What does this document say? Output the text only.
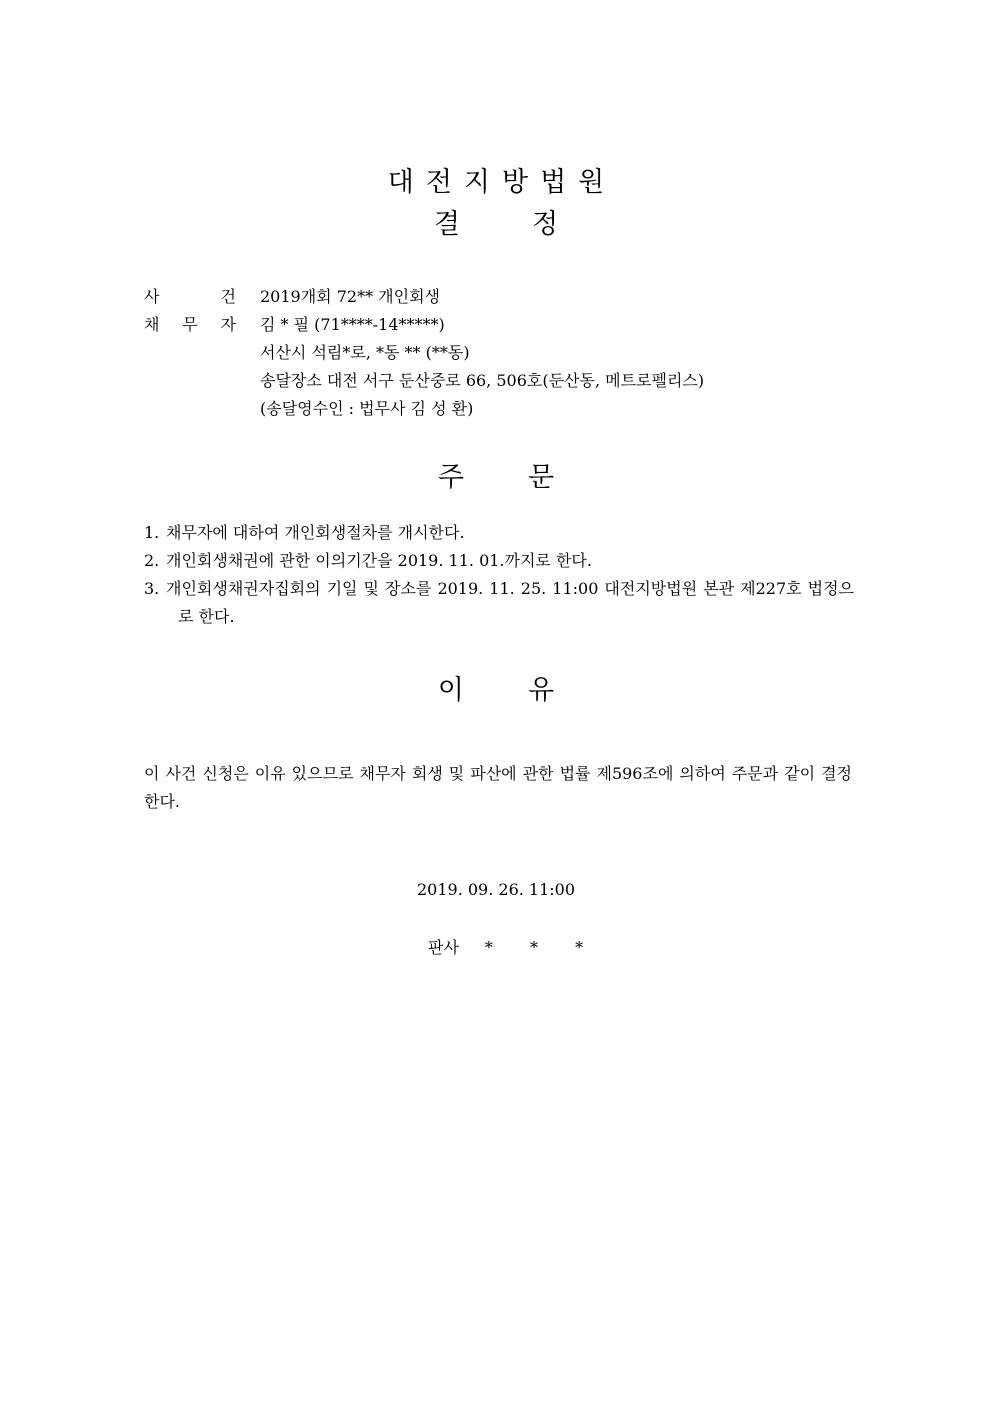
대전지방법원
결정
사	건 2019개회 72** 개인회생
채 무 자 김 * 필 (71****-14*****)
서산시 석림*로, *동 ** (**동)
송달장소 대전 서구 둔산중로 66, 506호(둔산동, 메트로펠리스)
(송달영수인 : 법무사 김 성 환)
주문
1. 채무자에 대하여 개인회생절차를 개시한다.
2. 개인회생채권에 관한 이의기간을 2019. 11. 01.까지로 한다.
3. 개인회생채권자집회의 기일 및 장소를 2019. 11. 25. 11:00 대전지방법원 본관 제227호 법정으로 한다.
이유
이 사건 신청은 이유 있으므로 채무자 회생 및 파산에 관한 법률 제596조에 의하여 주문과 같이 결정한다.
2019. 09. 26. 11:00
판사 * * *
